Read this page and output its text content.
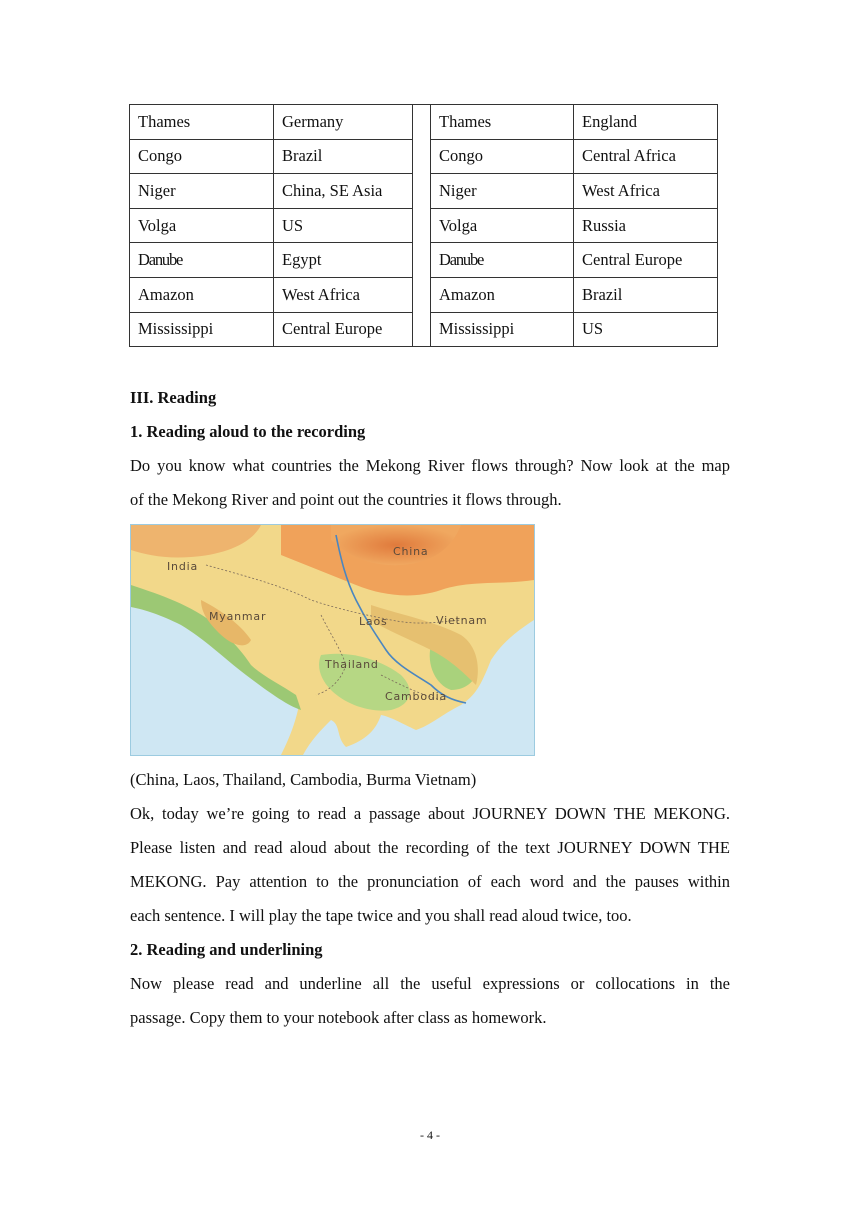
Thames	Germany		Thames	England
Congo	Brazil		Congo	Central Africa
Niger	China, SE Asia		Niger	West Africa
Volga	US		Volga	Russia
Danube	Egypt		Danube	Central Europe
Amazon	West Africa		Amazon	Brazil
Mississippi	Central Europe		Mississippi	US
III. Reading
1. Reading aloud to the recording
Do you know what countries the Mekong River flows through? Now look at the map
of the Mekong River and point out the countries it flows through.
China
India
Myanmar	Laos	Vietnam
Thailand
Cambodia
(China, Laos, Thailand, Cambodia, Burma Vietnam)
Ok, today we’re going to read a passage about JOURNEY DOWN THE MEKONG.
Please listen and read aloud about the recording of the text JOURNEY DOWN THE
MEKONG. Pay attention to the pronunciation of each word and the pauses within
each sentence. I will play the tape twice and you shall read aloud twice, too.
2. Reading and underlining
Now please read and underline all the useful expressions or collocations in the
passage. Copy them to your notebook after class as homework.
- 4 -
